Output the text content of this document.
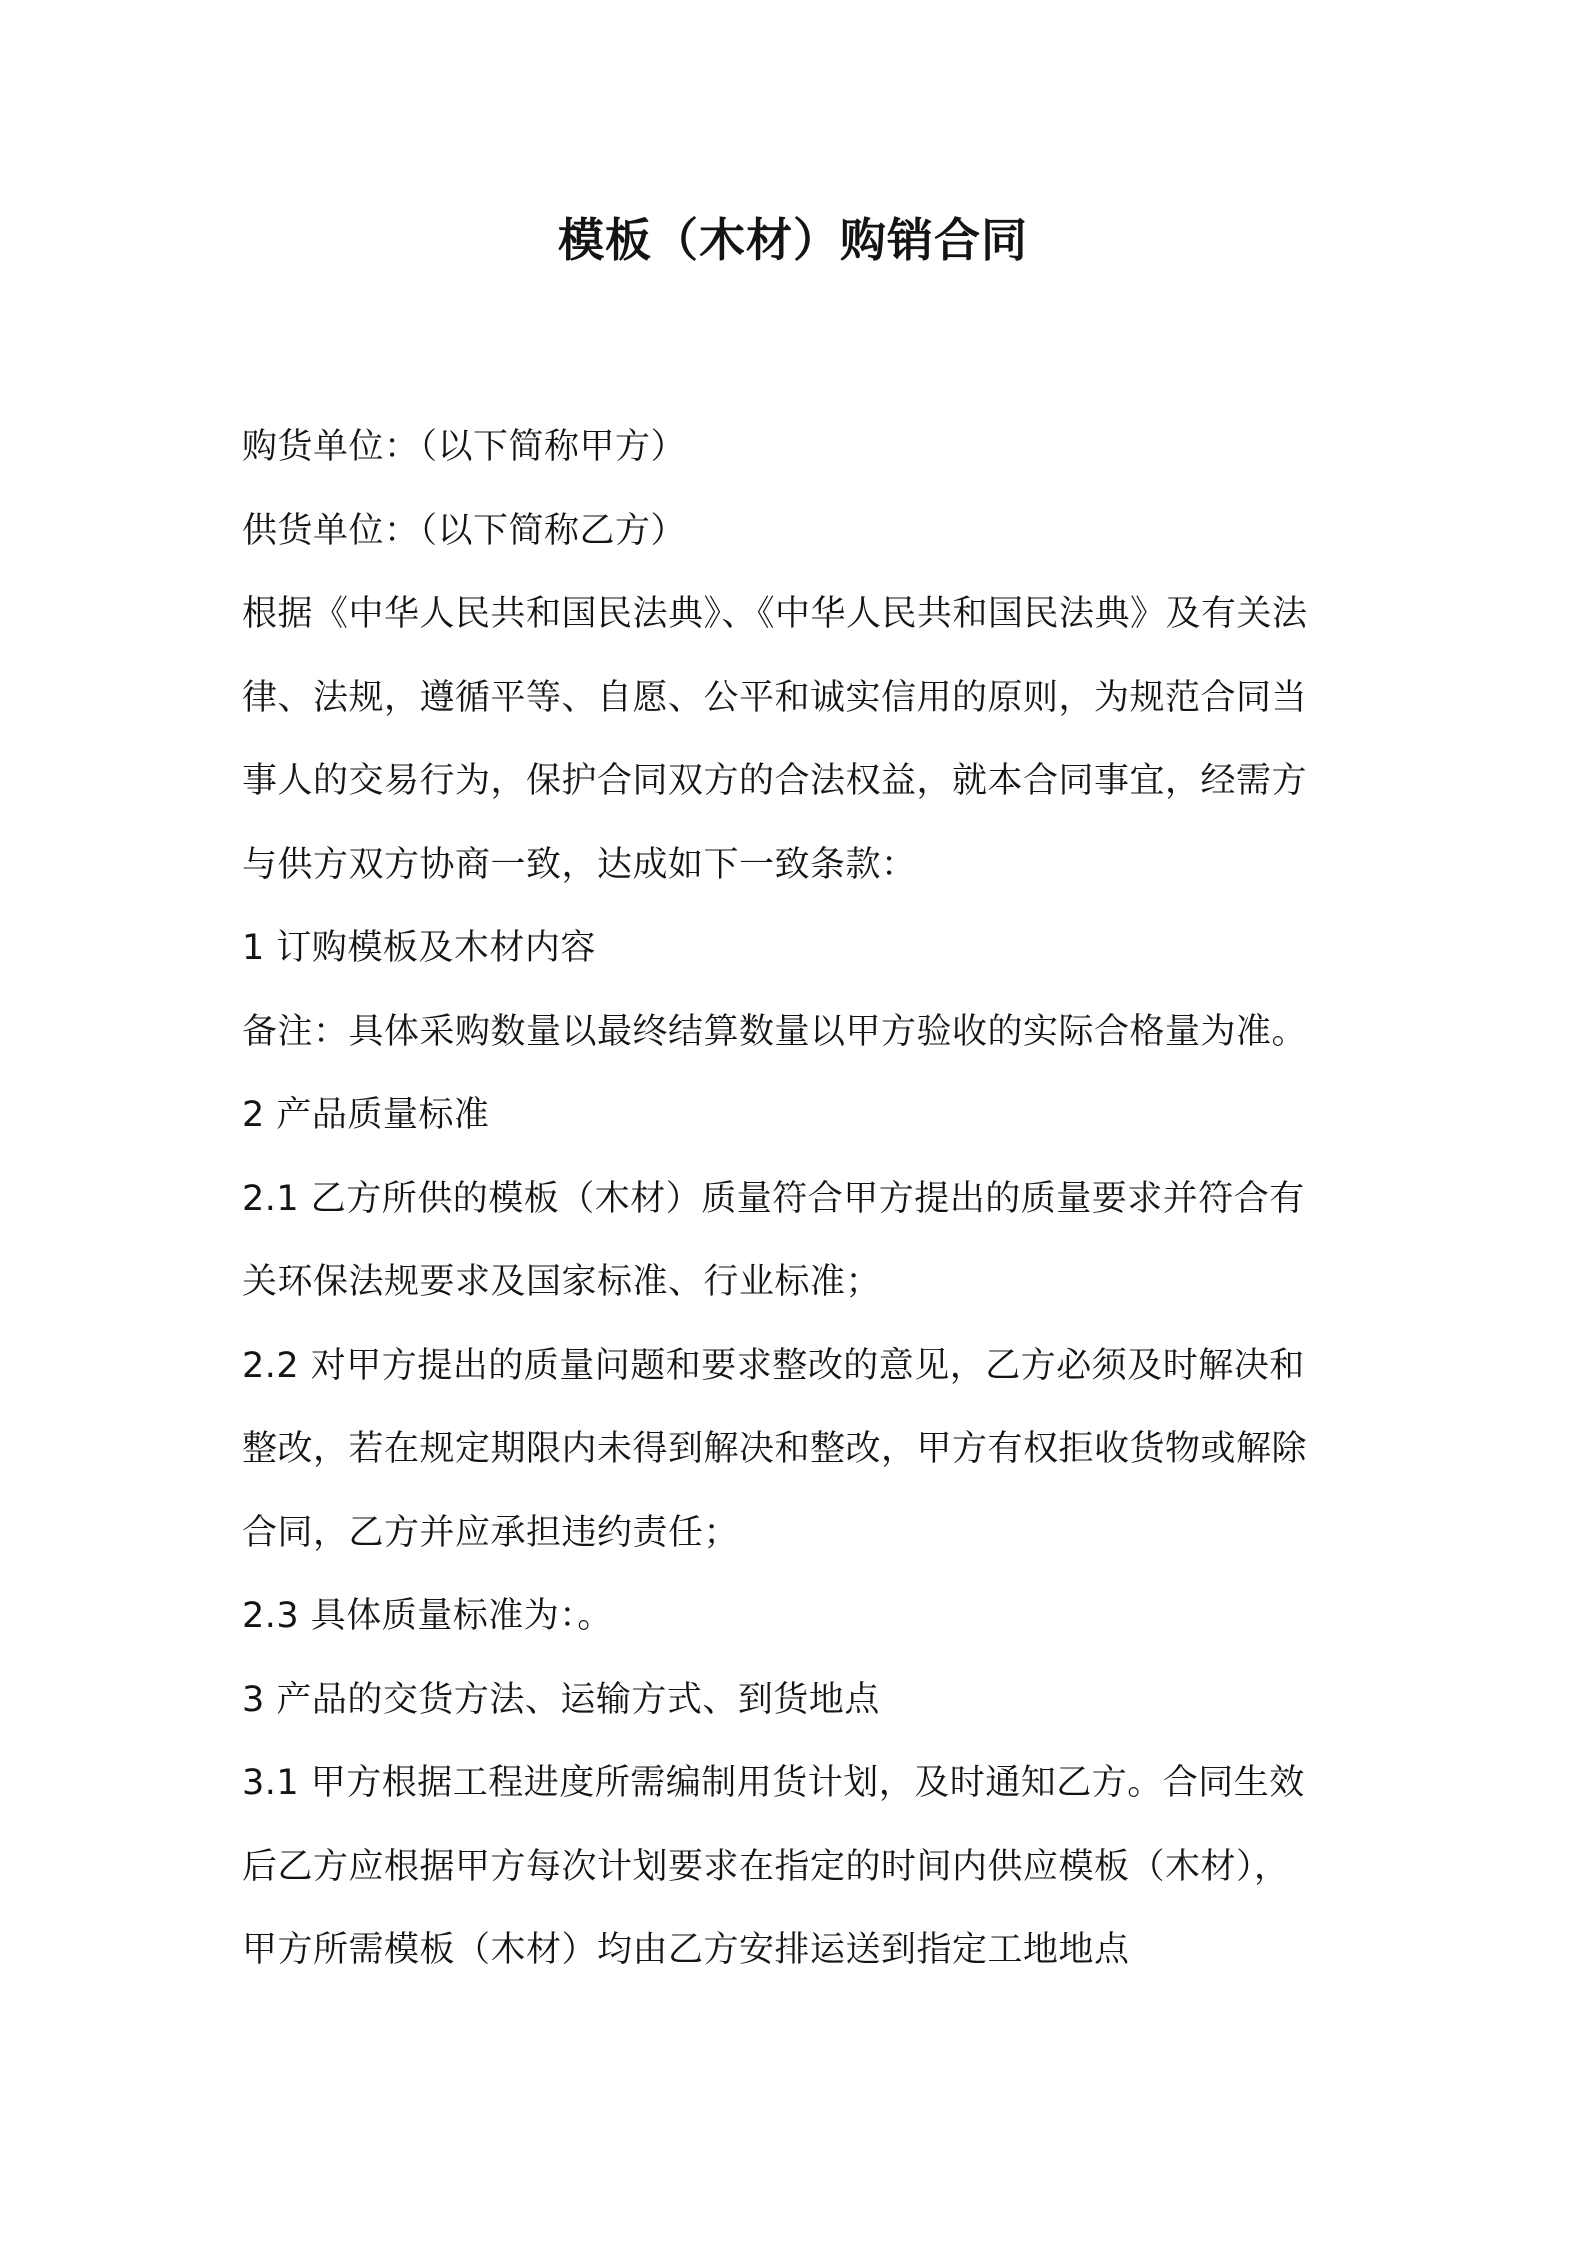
模板（木材）购销合同

购货单位：（以下简称甲方）

供货单位：（以下简称乙方）

根据《中华人民共和国民法典》、《中华人民共和国民法典》及有关法

律、法规，遵循平等、自愿、公平和诚实信用的原则，为规范合同当

事人的交易行为，保护合同双方的合法权益，就本合同事宜，经需方

与供方双方协商一致，达成如下一致条款：

1 订购模板及木材内容

备注：具体采购数量以最终结算数量以甲方验收的实际合格量为准。

2 产品质量标准

2.1 乙方所供的模板（木材）质量符合甲方提出的质量要求并符合有

关环保法规要求及国家标准、行业标准；

2.2 对甲方提出的质量问题和要求整改的意见，乙方必须及时解决和

整改，若在规定期限内未得到解决和整改，甲方有权拒收货物或解除

合同，乙方并应承担违约责任；

2.3 具体质量标准为：。

3 产品的交货方法、运输方式、到货地点

3.1 甲方根据工程进度所需编制用货计划，及时通知乙方。合同生效

后乙方应根据甲方每次计划要求在指定的时间内供应模板（木材），

甲方所需模板（木材）均由乙方安排运送到指定工地地点
